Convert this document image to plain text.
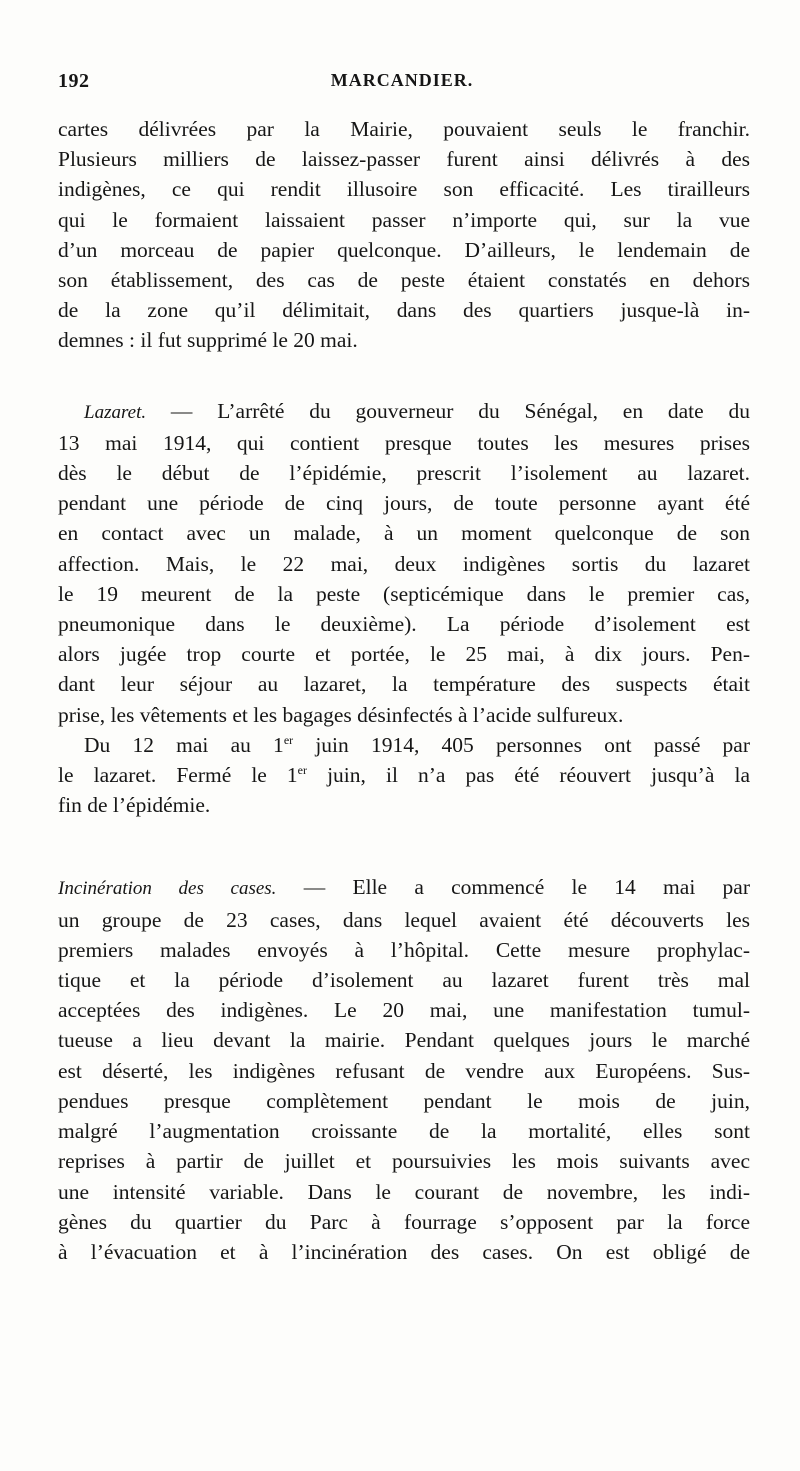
192	MARCANDIER.

cartes délivrées par la Mairie, pouvaient seuls le franchir.
Plusieurs milliers de laissez-passer furent ainsi délivrés à des
indigènes, ce qui rendit illusoire son efficacité. Les tirailleurs
qui le formaient laissaient passer n’importe qui, sur la vue
d’un morceau de papier quelconque. D’ailleurs, le lendemain de
son établissement, des cas de peste étaient constatés en dehors
de la zone qu’il délimitait, dans des quartiers jusque-là in-
demnes : il fut supprimé le 20 mai.

Lazaret. — L’arrêté du gouverneur du Sénégal, en date du
13 mai 1914, qui contient presque toutes les mesures prises
dès le début de l’épidémie, prescrit l’isolement au lazaret.
pendant une période de cinq jours, de toute personne ayant été
en contact avec un malade, à un moment quelconque de son
affection. Mais, le 22 mai, deux indigènes sortis du lazaret
le 19 meurent de la peste (septicémique dans le premier cas,
pneumonique dans le deuxième). La période d’isolement est
alors jugée trop courte et portée, le 25 mai, à dix jours. Pen-
dant leur séjour au lazaret, la température des suspects était
prise, les vêtements et les bagages désinfectés à l’acide sulfureux.

Du 12 mai au 1er juin 1914, 405 personnes ont passé par
le lazaret. Fermé le 1er juin, il n’a pas été réouvert jusqu’à la
fin de l’épidémie.

Incinération des cases. — Elle a commencé le 14 mai par
un groupe de 23 cases, dans lequel avaient été découverts les
premiers malades envoyés à l’hôpital. Cette mesure prophylac-
tique et la période d’isolement au lazaret furent très mal
acceptées des indigènes. Le 20 mai, une manifestation tumul-
tueuse a lieu devant la mairie. Pendant quelques jours le marché
est déserté, les indigènes refusant de vendre aux Européens. Sus-
pendues presque complètement pendant le mois de juin,
malgré l’augmentation croissante de la mortalité, elles sont
reprises à partir de juillet et poursuivies les mois suivants avec
une intensité variable. Dans le courant de novembre, les indi-
gènes du quartier du Parc à fourrage s’opposent par la force
à l’évacuation et à l’incinération des cases. On est obligé de
